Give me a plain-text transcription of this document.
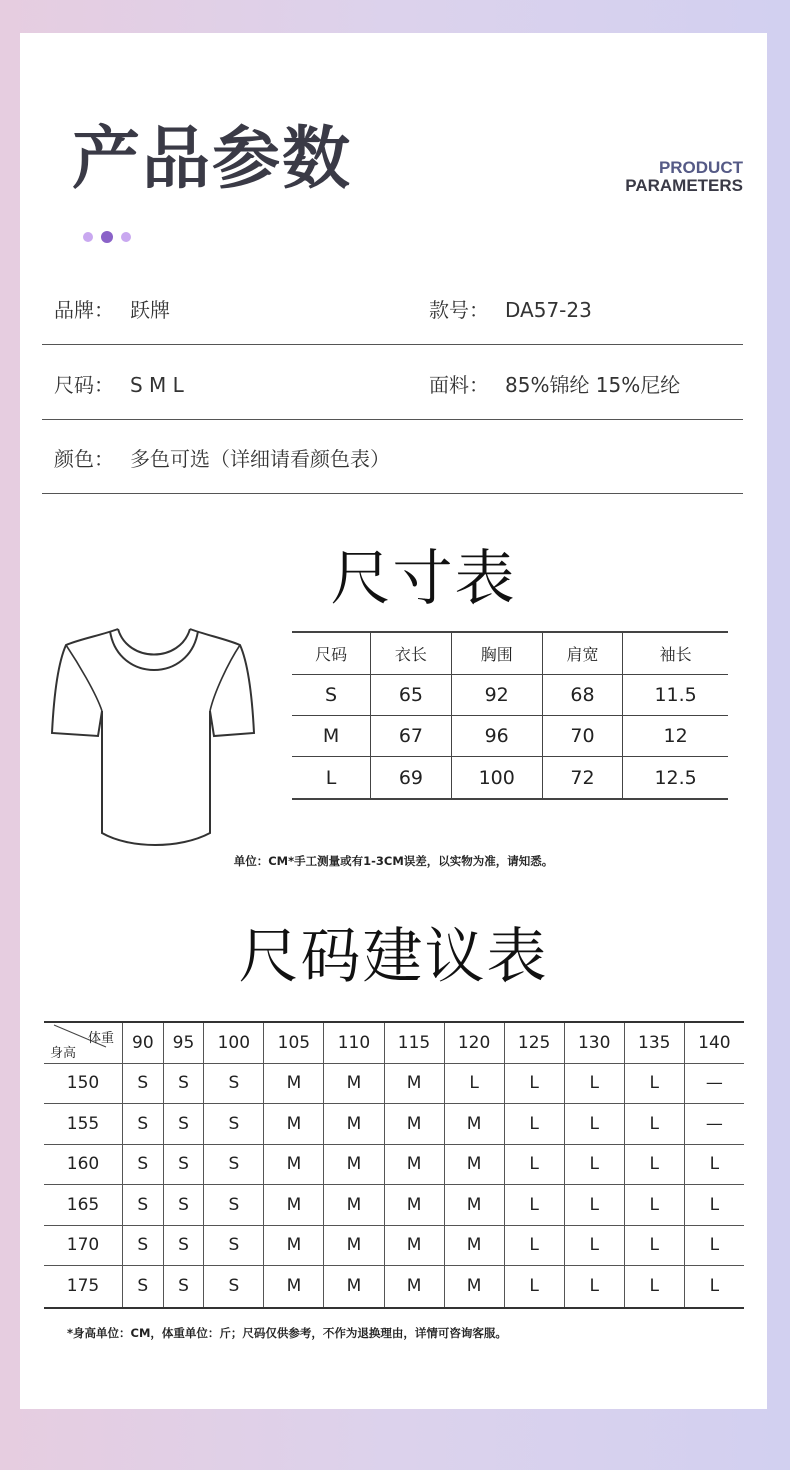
产品参数	PRODUCT
PARAMETERS
品牌： 跃牌	款号： DA57-23
尺码： S M L	面料： 85%锦纶 15%尼纶
颜色： 多色可选（详细请看颜色表）
尺寸表
尺码	衣长	胸围	肩宽	袖长
S	65	92	68	11.5
M	67	96	70	12
L	69	100	72	12.5
单位：CM*手工测量或有1-3CM误差，以实物为准，请知悉。
尺码建议表
体重
身高	90	95	100	105	110	115	120	125	130	135	140
150	S	S	S	M	M	M	L	L	L	L	—
155	S	S	S	M	M	M	M	L	L	L	—
160	S	S	S	M	M	M	M	L	L	L	L
165	S	S	S	M	M	M	M	L	L	L	L
170	S	S	S	M	M	M	M	L	L	L	L
175	S	S	S	M	M	M	M	L	L	L	L
*身高单位：CM，体重单位：斤；尺码仅供参考，不作为退换理由，详情可咨询客服。
